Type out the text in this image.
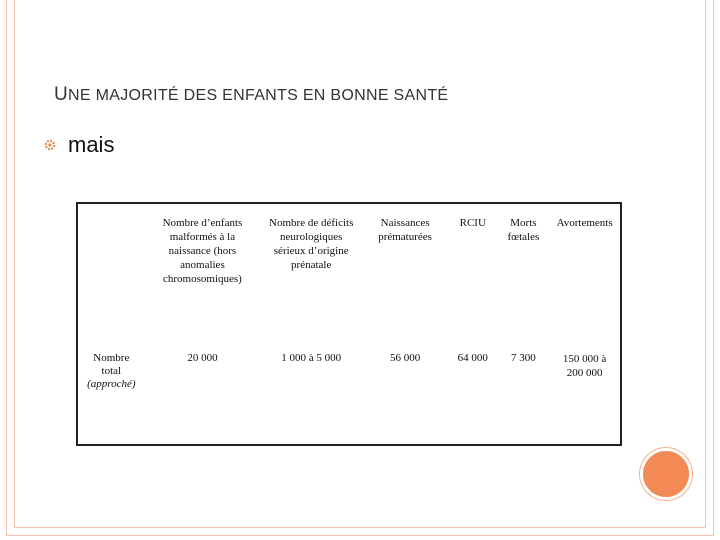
UNE MAJORITÉ DES ENFANTS EN BONNE SANTÉ
mais
	Nombre d’enfants malformés à la naissance (hors anomalies chromosomiques)	Nombre de déficits neurologiques sérieux d’origine prénatale	Naissances prématurées	RCIU	Morts fœtales	Avortements
Nombre
total
(approché)	20 000	1 000 à 5 000	56 000	64 000	7 300	150 000 à 200 000
